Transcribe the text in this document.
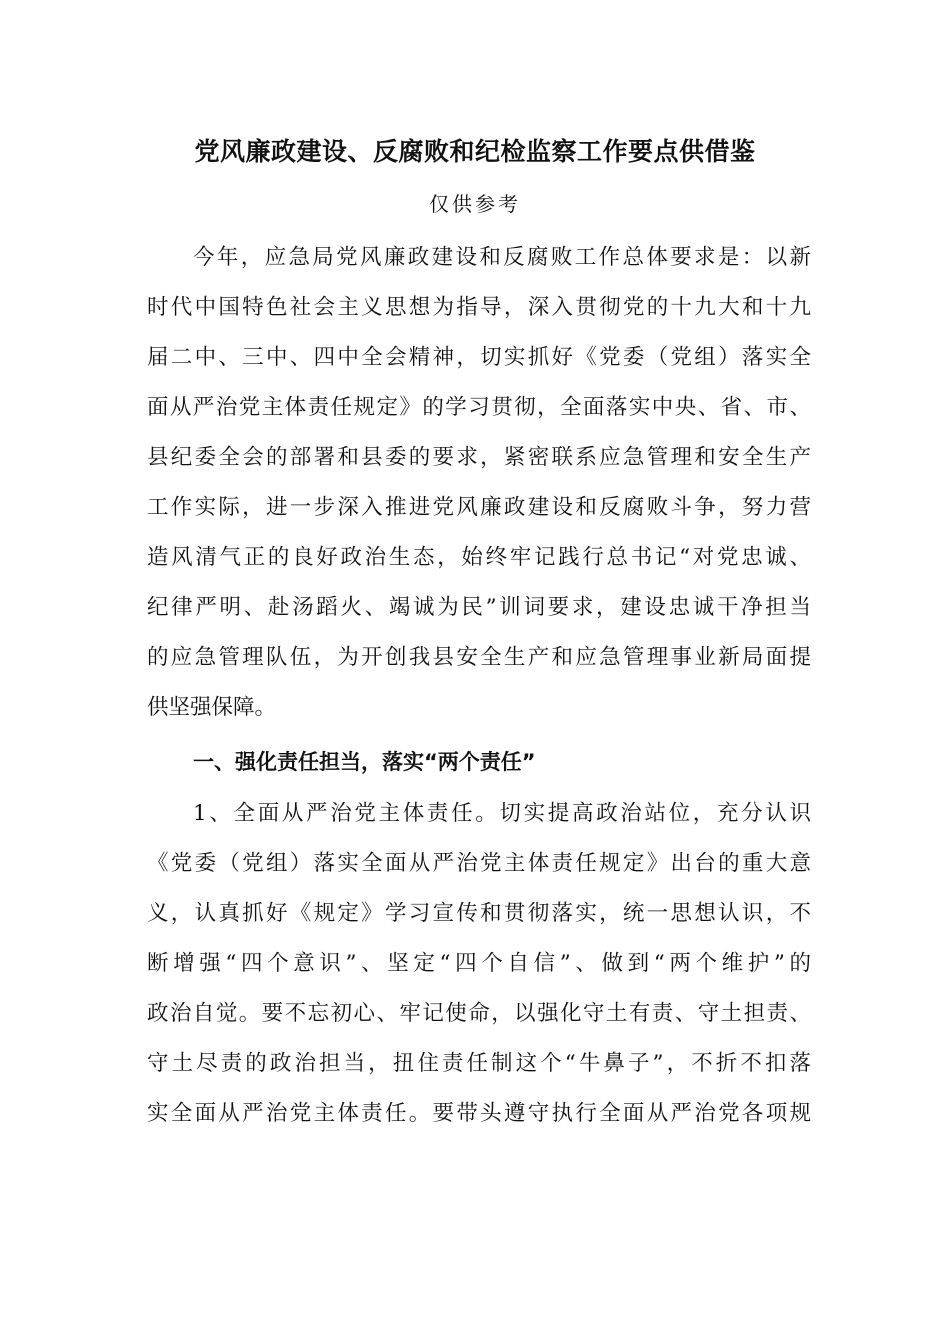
党风廉政建设、反腐败和纪检监察工作要点供借鉴
仅供参考
今年，应急局党风廉政建设和反腐败工作总体要求是：以新
时代中国特色社会主义思想为指导，深入贯彻党的十九大和十九
届二中、三中、四中全会精神，切实抓好《党委（党组）落实全
面从严治党主体责任规定》的学习贯彻，全面落实中央、省、市、
县纪委全会的部署和县委的要求，紧密联系应急管理和安全生产
工作实际，进一步深入推进党风廉政建设和反腐败斗争，努力营
造风清气正的良好政治生态，始终牢记践行总书记“对党忠诚、
纪律严明、赴汤蹈火、竭诚为民”训词要求，建设忠诚干净担当
的应急管理队伍，为开创我县安全生产和应急管理事业新局面提
供坚强保障。
一、强化责任担当，落实“两个责任”
1、全面从严治党主体责任。切实提高政治站位，充分认识
《党委（党组）落实全面从严治党主体责任规定》出台的重大意
义，认真抓好《规定》学习宣传和贯彻落实，统一思想认识，不
断增强“四个意识”、坚定“四个自信”、做到“两个维护”的
政治自觉。要不忘初心、牢记使命，以强化守土有责、守土担责、
守土尽责的政治担当，扭住责任制这个“牛鼻子”，不折不扣落
实全面从严治党主体责任。要带头遵守执行全面从严治党各项规
